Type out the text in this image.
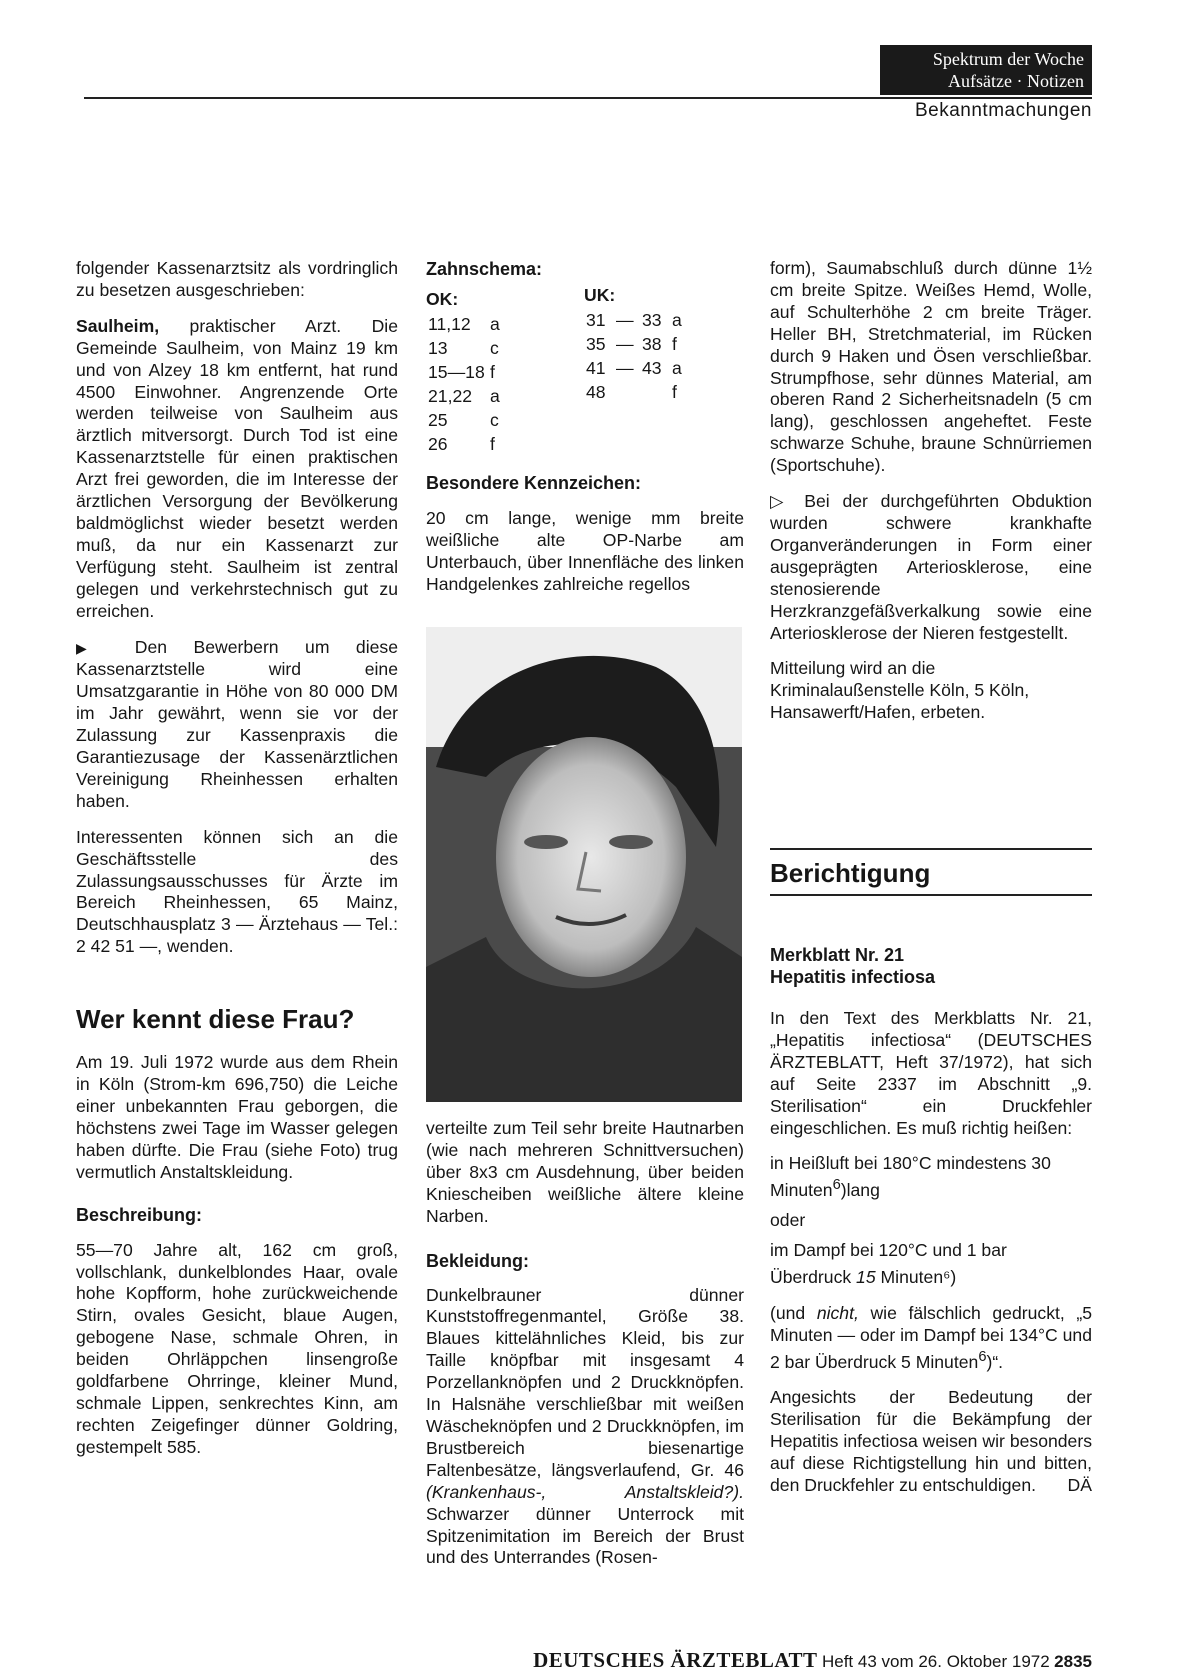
Spektrum der Woche
Aufsätze · Notizen
Bekanntmachungen

folgender Kassenarztsitz als vordringlich zu besetzen ausgeschrieben:

Saulheim, praktischer Arzt. Die Gemeinde Saulheim, von Mainz 19 km und von Alzey 18 km entfernt, hat rund 4500 Einwohner. Angrenzende Orte werden teilweise von Saulheim aus ärztlich mitversorgt. Durch Tod ist eine Kassenarztstelle für einen praktischen Arzt frei geworden, die im Interesse der ärztlichen Versorgung der Bevölkerung baldmöglichst wieder besetzt werden muß, da nur ein Kassenarzt zur Verfügung steht. Saulheim ist zentral gelegen und verkehrstechnisch gut zu erreichen.

▶ Den Bewerbern um diese Kassenarztstelle wird eine Umsatzgarantie in Höhe von 80 000 DM im Jahr gewährt, wenn sie vor der Zulassung zur Kassenpraxis die Garantiezusage der Kassenärztlichen Vereinigung Rheinhessen erhalten haben.

Interessenten können sich an die Geschäftsstelle des Zulassungsausschusses für Ärzte im Bereich Rheinhessen, 65 Mainz, Deutschhausplatz 3 — Ärztehaus — Tel.: 2 42 51 —, wenden.

Wer kennt diese Frau?

Am 19. Juli 1972 wurde aus dem Rhein in Köln (Strom-km 696,750) die Leiche einer unbekannten Frau geborgen, die höchstens zwei Tage im Wasser gelegen haben dürfte. Die Frau (siehe Foto) trug vermutlich Anstaltskleidung.

Beschreibung:

55—70 Jahre alt, 162 cm groß, vollschlank, dunkelblondes Haar, ovale hohe Kopfform, hohe zurückweichende Stirn, ovales Gesicht, blaue Augen, gebogene Nase, schmale Ohren, in beiden Ohrläppchen linsengroße goldfarbene Ohrringe, kleiner Mund, schmale Lippen, senkrechtes Kinn, am rechten Zeigefinger dünner Goldring, gestempelt 585.

Zahnschema:
OK:
11,12	a
13	c
15—18	f
21,22	a
25	c
26	f
UK:
31	—	33	a
35	—	38	f
41	—	43	a
48			f
Besondere Kennzeichen:

20 cm lange, wenige mm breite weißliche alte OP-Narbe am Unterbauch, über Innenfläche des linken Handgelenkes zahlreiche regellos

verteilte zum Teil sehr breite Hautnarben (wie nach mehreren Schnittversuchen) über 8x3 cm Ausdehnung, über beiden Kniescheiben weißliche ältere kleine Narben.

Bekleidung:

Dunkelbrauner dünner Kunststoffregenmantel, Größe 38. Blaues kittelähnliches Kleid, bis zur Taille knöpfbar mit insgesamt 4 Porzellanknöpfen und 2 Druckknöpfen. In Halsnähe verschließbar mit weißen Wäscheknöpfen und 2 Druckknöpfen, im Brustbereich biesenartige Faltenbesätze, längsverlaufend, Gr. 46 (Krankenhaus-, Anstaltskleid?). Schwarzer dünner Unterrock mit Spitzenimitation im Bereich der Brust und des Unterrandes (Rosen-

form), Saumabschluß durch dünne 1½ cm breite Spitze. Weißes Hemd, Wolle, auf Schulterhöhe 2 cm breite Träger. Heller BH, Stretchmaterial, im Rücken durch 9 Haken und Ösen verschließbar. Strumpfhose, sehr dünnes Material, am oberen Rand 2 Sicherheitsnadeln (5 cm lang), geschlossen angeheftet. Feste schwarze Schuhe, braune Schnürriemen (Sportschuhe).

▷ Bei der durchgeführten Obduktion wurden schwere krankhafte Organveränderungen in Form einer ausgeprägten Arteriosklerose, eine stenosierende Herzkranzgefäßverkalkung sowie eine Arteriosklerose der Nieren festgestellt.

Mitteilung wird an die Kriminalaußenstelle Köln, 5 Köln, Hansawerft/Hafen, erbeten.

Berichtigung
Merkblatt Nr. 21
Hepatitis infectiosa

In den Text des Merkblatts Nr. 21, „Hepatitis infectiosa“ (DEUTSCHES ÄRZTEBLATT, Heft 37/1972), hat sich auf Seite 2337 im Abschnitt „9. Sterilisation“ ein Druckfehler eingeschlichen. Es muß richtig heißen:

in Heißluft bei 180°C mindestens 30 Minuten$^6$)lang

oder

im Dampf bei 120°C und 1 bar Überdruck 15 Minuten⁶)

(und nicht, wie fälschlich gedruckt, „5 Minuten — oder im Dampf bei 134°C und 2 bar Überdruck 5 Minuten$^6$)“.

Angesichts der Bedeutung der Sterilisation für die Bekämpfung der Hepatitis infectiosa weisen wir besonders auf diese Richtigstellung hin und bitten, den Druckfehler zu entschuldigen. DÄ

DEUTSCHES ÄRZTEBLATT Heft 43 vom 26. Oktober 1972 2835
